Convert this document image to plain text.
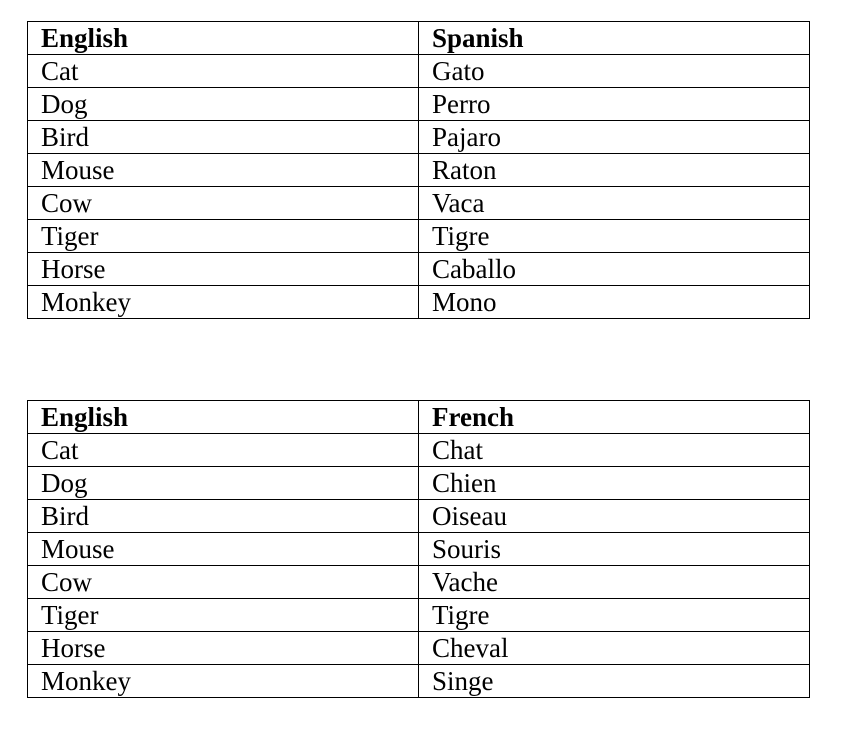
English	Spanish
Cat	Gato
Dog	Perro
Bird	Pajaro
Mouse	Raton
Cow	Vaca
Tiger	Tigre
Horse	Caballo
Monkey	Mono
English	French
Cat	Chat
Dog	Chien
Bird	Oiseau
Mouse	Souris
Cow	Vache
Tiger	Tigre
Horse	Cheval
Monkey	Singe
